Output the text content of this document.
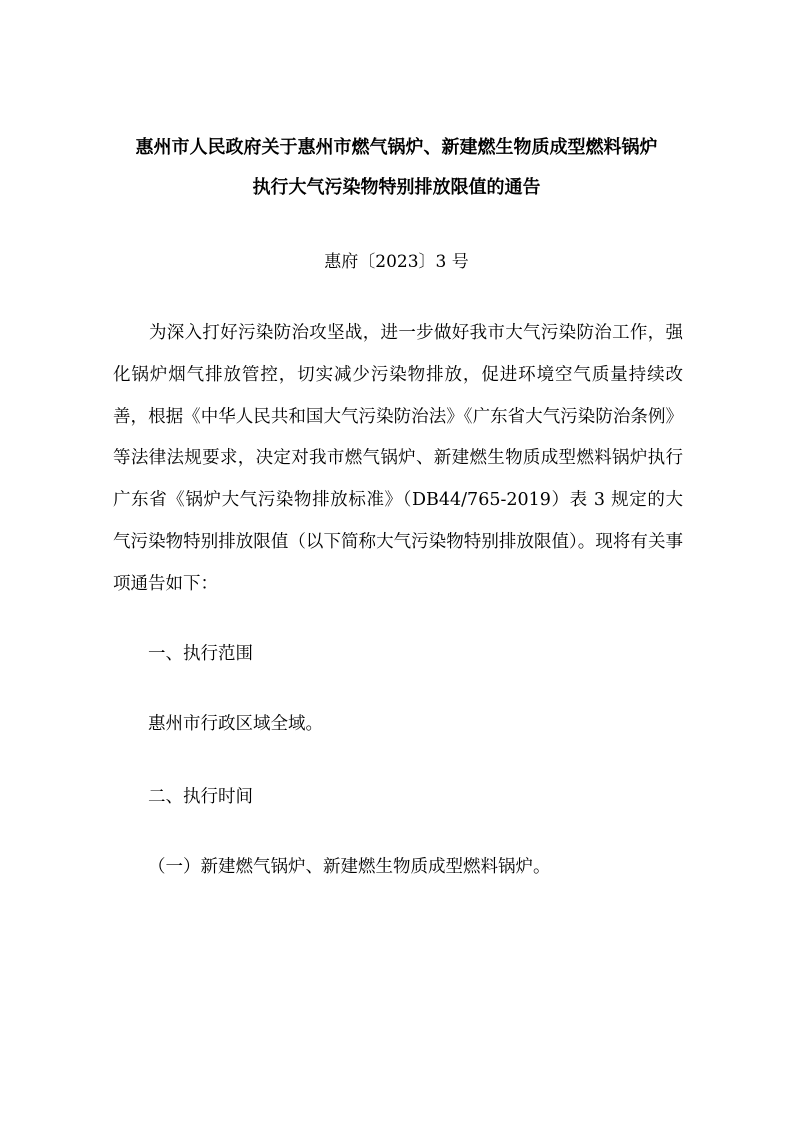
惠州市人民政府关于惠州市燃气锅炉、新建燃生物质成型燃料锅炉
执行大气污染物特别排放限值的通告
惠府〔2023〕3 号

为深入打好污染防治攻坚战，进一步做好我市大气污染防治工作，强化锅炉烟气排放管控，切实减少污染物排放，促进环境空气质量持续改善，根据《中华人民共和国大气污染防治法》《广东省大气污染防治条例》等法律法规要求，决定对我市燃气锅炉、新建燃生物质成型燃料锅炉执行广东省《锅炉大气污染物排放标准》（DB44/765-2019）表 3 规定的大气污染物特别排放限值（以下简称大气污染物特别排放限值）。现将有关事项通告如下：

一、执行范围

惠州市行政区域全域。

二、执行时间

（一）新建燃气锅炉、新建燃生物质成型燃料锅炉。
